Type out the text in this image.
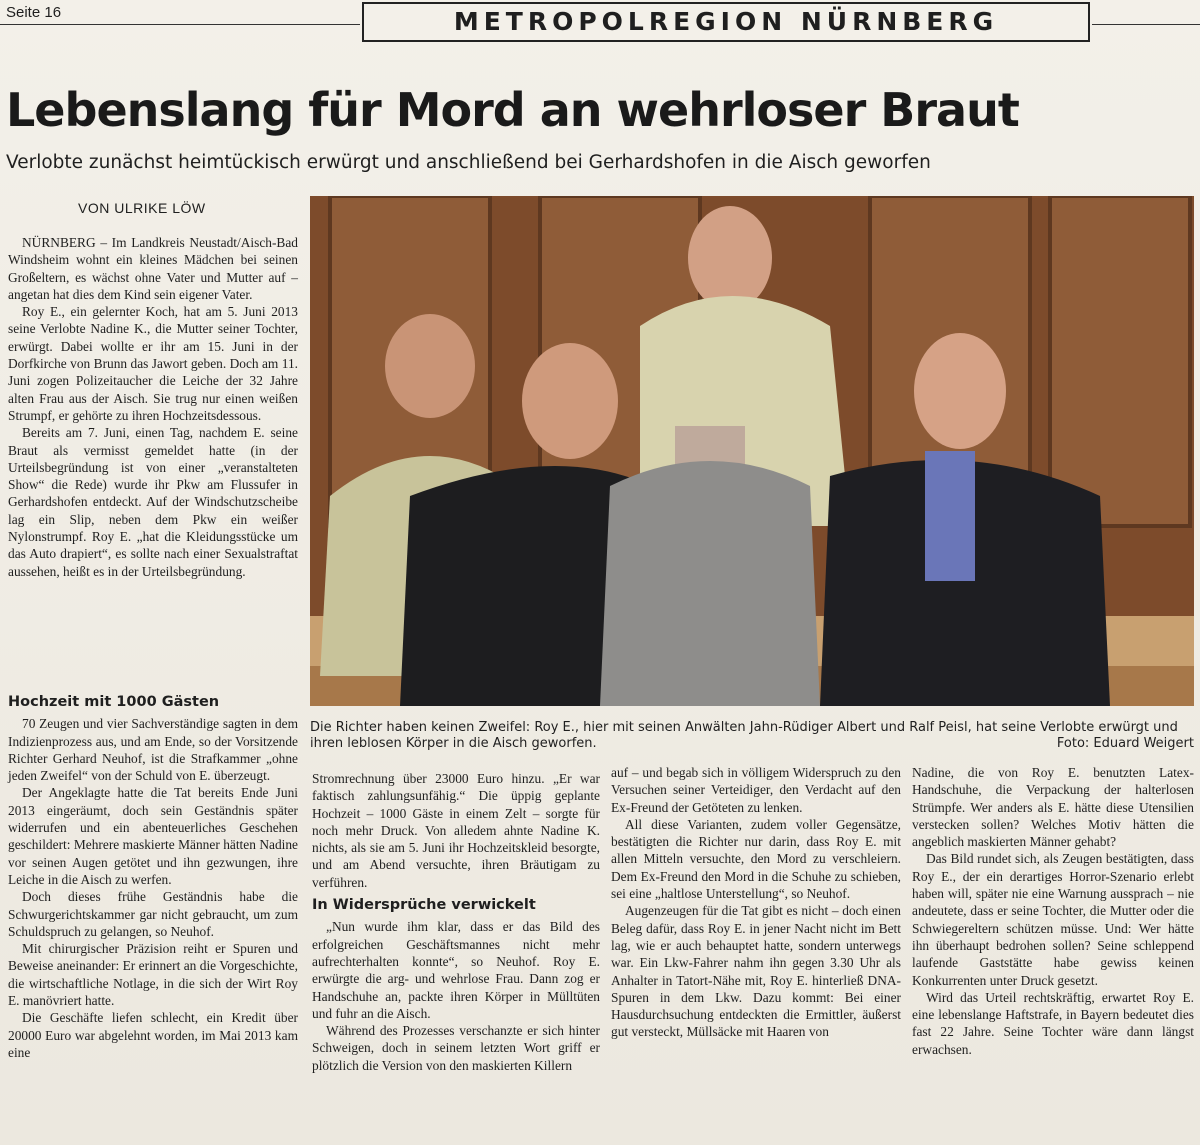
Seite 16	METROPOLREGION NÜRNBERG
Lebenslang für Mord an wehrloser Braut
Verlobte zunächst heimtückisch erwürgt und anschließend bei Gerhardshofen in die Aisch geworfen
VON ULRIKE LÖW

NÜRNBERG – Im Landkreis Neustadt/Aisch-Bad Windsheim wohnt ein kleines Mädchen bei seinen Großeltern, es wächst ohne Vater und Mutter auf – angetan hat dies dem Kind sein eigener Vater.

Roy E., ein gelernter Koch, hat am 5. Juni 2013 seine Verlobte Nadine K., die Mutter seiner Tochter, erwürgt. Dabei wollte er ihr am 15. Juni in der Dorfkirche von Brunn das Jawort geben. Doch am 11. Juni zogen Polizeitaucher die Leiche der 32 Jahre alten Frau aus der Aisch. Sie trug nur einen weißen Strumpf, er gehörte zu ihren Hochzeitsdessous.

Bereits am 7. Juni, einen Tag, nachdem E. seine Braut als vermisst gemeldet hatte (in der Urteilsbegründung ist von einer „veranstalteten Show“ die Rede) wurde ihr Pkw am Flussufer in Gerhardshofen entdeckt. Auf der Windschutzscheibe lag ein Slip, neben dem Pkw ein weißer Nylonstrumpf. Roy E. „hat die Kleidungsstücke um das Auto drapiert“, es sollte nach einer Sexualstraftat aussehen, heißt es in der Urteilsbegründung.

Hochzeit mit 1000 Gästen

70 Zeugen und vier Sachverständige sagten in dem Indizienprozess aus, und am Ende, so der Vorsitzende Richter Gerhard Neuhof, ist die Strafkammer „ohne jeden Zweifel“ von der Schuld von E. überzeugt.

Der Angeklagte hatte die Tat bereits Ende Juni 2013 eingeräumt, doch sein Geständnis später widerrufen und ein abenteuerliches Geschehen geschildert: Mehrere maskierte Männer hätten Nadine vor seinen Augen getötet und ihn gezwungen, ihre Leiche in die Aisch zu werfen.

Doch dieses frühe Geständnis habe die Schwurgerichtskammer gar nicht gebraucht, um zum Schuldspruch zu gelangen, so Neuhof.

Mit chirurgischer Präzision reiht er Spuren und Beweise aneinander: Er erinnert an die Vorgeschichte, die wirtschaftliche Notlage, in die sich der Wirt Roy E. manövriert hatte.

Die Geschäfte liefen schlecht, ein Kredit über 20000 Euro war abgelehnt worden, im Mai 2013 kam eine

Die Richter haben keinen Zweifel: Roy E., hier mit seinen Anwälten Jahn-Rüdiger Albert und Ralf Peisl, hat seine Verlobte erwürgt und ihren leblosen Körper in die Aisch geworfen.	Foto: Eduard Weigert

Stromrechnung über 23000 Euro hinzu. „Er war faktisch zahlungsunfähig.“ Die üppig geplante Hochzeit – 1000 Gäste in einem Zelt – sorgte für noch mehr Druck. Von alledem ahnte Nadine K. nichts, als sie am 5. Juni ihr Hochzeitskleid besorgte, und am Abend versuchte, ihren Bräutigam zu verführen.

In Widersprüche verwickelt

„Nun wurde ihm klar, dass er das Bild des erfolgreichen Geschäftsmannes nicht mehr aufrechterhalten konnte“, so Neuhof. Roy E. erwürgte die arg- und wehrlose Frau. Dann zog er Handschuhe an, packte ihren Körper in Mülltüten und fuhr an die Aisch.

Während des Prozesses verschanzte er sich hinter Schweigen, doch in seinem letzten Wort griff er plötzlich die Version von den maskierten Killern

auf – und begab sich in völligem Widerspruch zu den Versuchen seiner Verteidiger, den Verdacht auf den Ex-Freund der Getöteten zu lenken.

All diese Varianten, zudem voller Gegensätze, bestätigten die Richter nur darin, dass Roy E. mit allen Mitteln versuchte, den Mord zu verschleiern. Dem Ex-Freund den Mord in die Schuhe zu schieben, sei eine „haltlose Unterstellung“, so Neuhof.

Augenzeugen für die Tat gibt es nicht – doch einen Beleg dafür, dass Roy E. in jener Nacht nicht im Bett lag, wie er auch behauptet hatte, sondern unterwegs war. Ein Lkw-Fahrer nahm ihn gegen 3.30 Uhr als Anhalter in Tatort-Nähe mit, Roy E. hinterließ DNA-Spuren in dem Lkw. Dazu kommt: Bei einer Hausdurchsuchung entdeckten die Ermittler, äußerst gut versteckt, Müllsäcke mit Haaren von

Nadine, die von Roy E. benutzten Latex-Handschuhe, die Verpackung der halterlosen Strümpfe. Wer anders als E. hätte diese Utensilien verstecken sollen? Welches Motiv hätten die angeblich maskierten Männer gehabt?

Das Bild rundet sich, als Zeugen bestätigten, dass Roy E., der ein derartiges Horror-Szenario erlebt haben will, später nie eine Warnung aussprach – nie andeutete, dass er seine Tochter, die Mutter oder die Schwiegereltern schützen müsse. Und: Wer hätte ihn überhaupt bedrohen sollen? Seine schleppend laufende Gaststätte habe gewiss keinen Konkurrenten unter Druck gesetzt.

Wird das Urteil rechtskräftig, erwartet Roy E. eine lebenslange Haftstrafe, in Bayern bedeutet dies fast 22 Jahre. Seine Tochter wäre dann längst erwachsen.
